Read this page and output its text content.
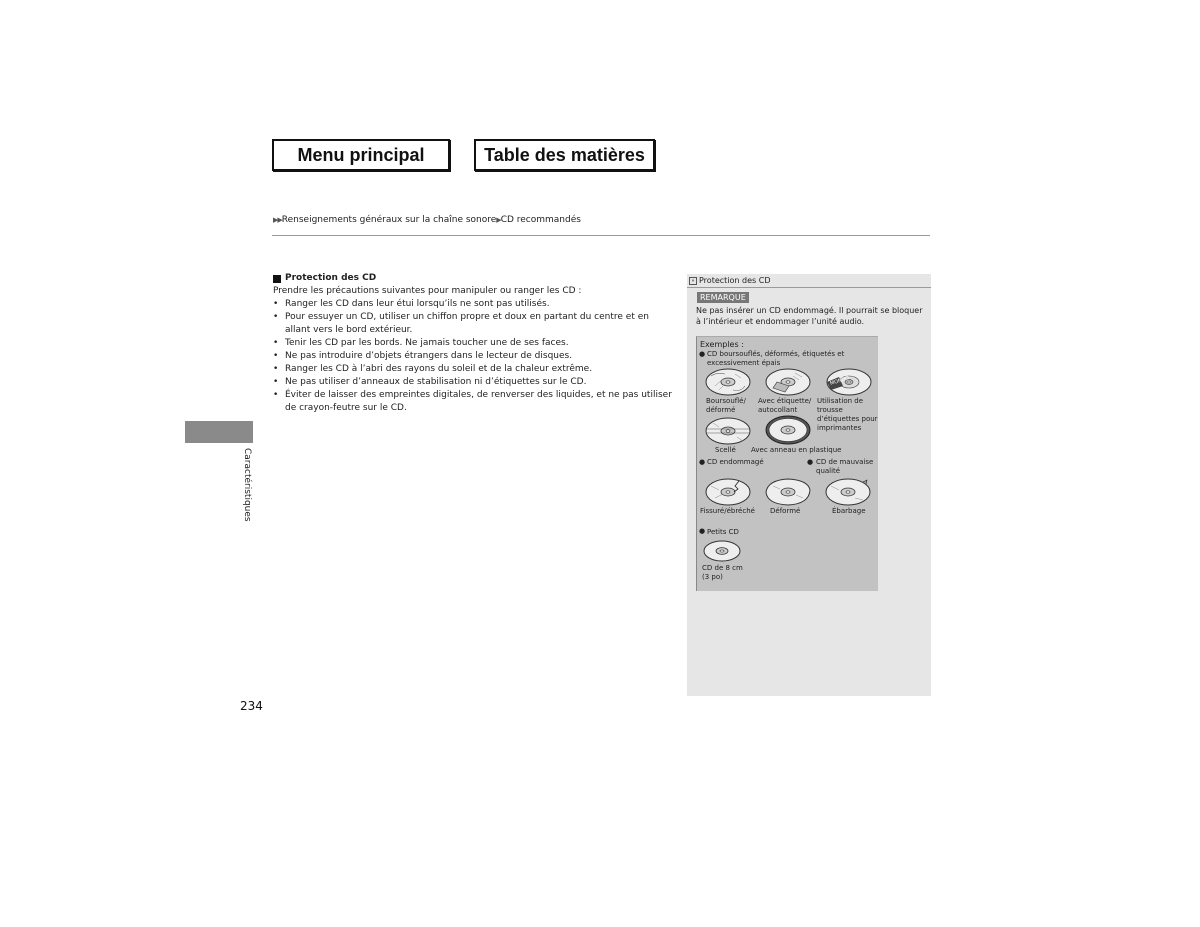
Menu principal	Table des matières
▶▶ Renseignements généraux sur la chaîne sonore ▶ CD recommandés
Caractéristiques
234
Protection des CD
Prendre les précautions suivantes pour manipuler ou ranger les CD :
• Ranger les CD dans leur étui lorsqu’ils ne sont pas utilisés.
• Pour essuyer un CD, utiliser un chiffon propre et doux en partant du centre et en allant vers le bord extérieur.
• Tenir les CD par les bords. Ne jamais toucher une de ses faces.
• Ne pas introduire d’objets étrangers dans le lecteur de disques.
• Ranger les CD à l’abri des rayons du soleil et de la chaleur extrême.
• Ne pas utiliser d’anneaux de stabilisation ni d’étiquettes sur le CD.
• Éviter de laisser des empreintes digitales, de renverser des liquides, et ne pas utiliser de crayon-feutre sur le CD.
» Protection des CD
REMARQUE
Ne pas insérer un CD endommagé. Il pourrait se bloquer à l’intérieur et endommager l’unité audio.
Exemples :
● CD boursouflés, déformés, étiquetés et excessivement épais
MONDO
Boursouflé/ déformé
Avec étiquette/ autocollant
Utilisation de trousse d’étiquettes pour imprimantes
Scellé Avec anneau en plastique
● CD endommagé	● CD de mauvaise qualité
Fissuré/ébréché Déformé	Ébarbage
● Petits CD
CD de 8 cm (3 po)
